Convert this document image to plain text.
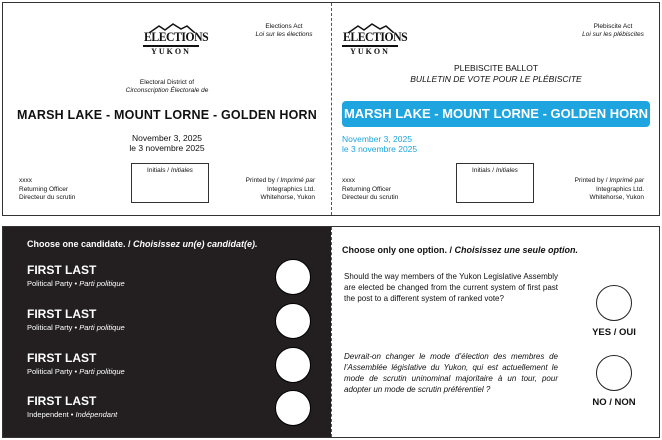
ELECTIONS
YUKON
Elections Act
Loi sur les élections
Electoral District of
Circonscription Électorale de
MARSH LAKE - MOUNT LORNE - GOLDEN HORN
November 3, 2025
le 3 novembre 2025
Initials / Initiales
xxxx
Returning Officer
Directeur du scrutin
Printed by / Imprimé par
Integraphics Ltd.
Whitehorse, Yukon
ELECTIONS
YUKON
Plebiscite Act
Loi sur les plébiscites
PLEBISCITE BALLOT
BULLETIN DE VOTE POUR LE PLÉBISCITE
MARSH LAKE - MOUNT LORNE - GOLDEN HORN
November 3, 2025
le 3 novembre 2025
Initials / Initiales
xxxx
Returning Officer
Directeur du scrutin
Printed by / Imprimé par
Integraphics Ltd.
Whitehorse, Yukon
Choose one candidate. / Choisissez un(e) candidat(e).
FIRST LAST
Political Party • Parti politique
FIRST LAST
Political Party • Parti politique
FIRST LAST
Political Party • Parti politique
FIRST LAST
Independent • Indépendant
Choose only one option. / Choisissez une seule option.
Should the way members of the Yukon Legislative Assembly are elected be changed from the current system of first past the post to a different system of ranked vote?
Devrait-on changer le mode d’élection des membres de l’Assemblée législative du Yukon, qui est actuellement le mode de scrutin uninominal majoritaire à un tour, pour adopter un mode de scrutin préférentiel ?
YES / OUI
NO / NON
